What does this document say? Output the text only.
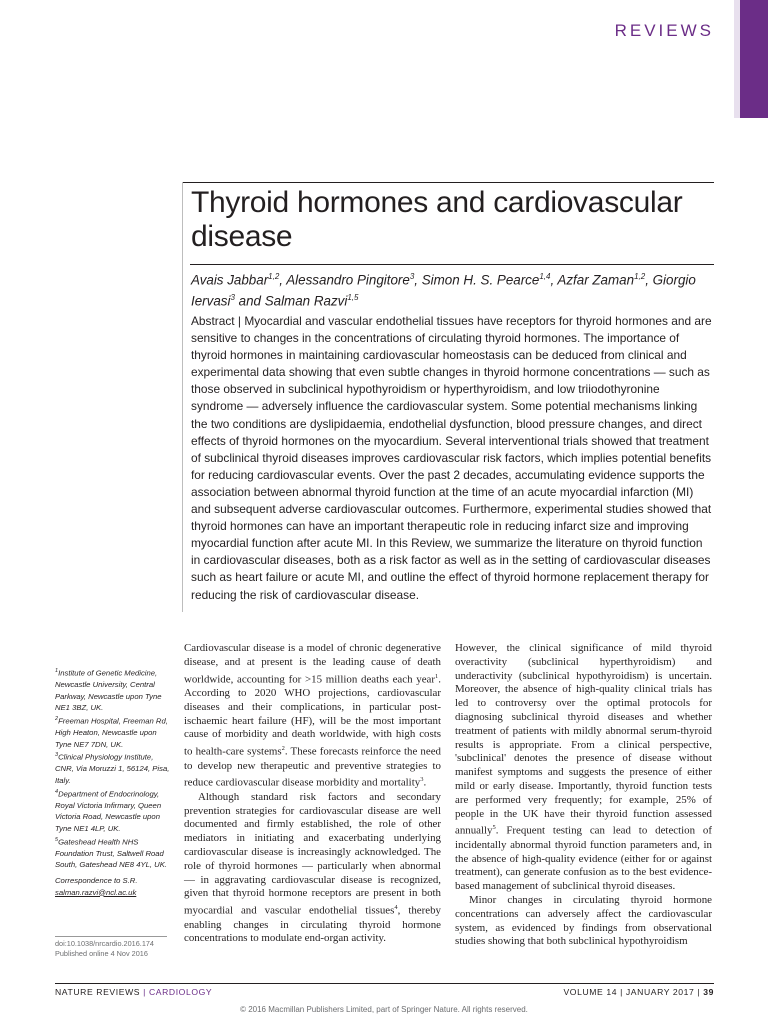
REVIEWS
Thyroid hormones and cardiovascular disease
Avais Jabbar$^{1,2}$, Alessandro Pingitore$^3$, Simon H. S. Pearce$^{1,4}$, Azfar Zaman$^{1,2}$, Giorgio Iervasi$^3$ and Salman Razvi$^{1,5}$
Abstract | Myocardial and vascular endothelial tissues have receptors for thyroid hormones and are sensitive to changes in the concentrations of circulating thyroid hormones. The importance of thyroid hormones in maintaining cardiovascular homeostasis can be deduced from clinical and experimental data showing that even subtle changes in thyroid hormone concentrations — such as those observed in subclinical hypothyroidism or hyperthyroidism, and low triiodothyronine syndrome — adversely influence the cardiovascular system. Some potential mechanisms linking the two conditions are dyslipidaemia, endothelial dysfunction, blood pressure changes, and direct effects of thyroid hormones on the myocardium. Several interventional trials showed that treatment of subclinical thyroid diseases improves cardiovascular risk factors, which implies potential benefits for reducing cardiovascular events. Over the past 2 decades, accumulating evidence supports the association between abnormal thyroid function at the time of an acute myocardial infarction (MI) and subsequent adverse cardiovascular outcomes. Furthermore, experimental studies showed that thyroid hormones can have an important therapeutic role in reducing infarct size and improving myocardial function after acute MI. In this Review, we summarize the literature on thyroid function in cardiovascular diseases, both as a risk factor as well as in the setting of cardiovascular diseases such as heart failure or acute MI, and outline the effect of thyroid hormone replacement therapy for reducing the risk of cardiovascular disease.
$^1$Institute of Genetic Medicine, Newcastle University, Central Parkway, Newcastle upon Tyne NE1 3BZ, UK.
$^2$Freeman Hospital, Freeman Rd, High Heaton, Newcastle upon Tyne NE7 7DN, UK.
$^3$Clinical Physiology Institute, CNR, Via Moruzzi 1, 56124, Pisa, Italy.
$^4$Department of Endocrinology, Royal Victoria Infirmary, Queen Victoria Road, Newcastle upon Tyne NE1 4LP, UK.
$^5$Gateshead Health NHS Foundation Trust, Saltwell Road South, Gateshead NE8 4YL, UK.
Correspondence to S.R.
salman.razvi@ncl.ac.uk
doi:10.1038/nrcardio.2016.174
Published online 4 Nov 2016

Cardiovascular disease is a model of chronic degenerative disease, and at present is the leading cause of death worldwide, accounting for >15 million deaths each year$^1$. According to 2020 WHO projections, cardiovascular diseases and their complications, in particular post-ischaemic heart failure (HF), will be the most important cause of morbidity and death worldwide, with high costs to health-care systems$^2$. These forecasts reinforce the need to develop new therapeutic and preventive strategies to reduce cardiovascular disease morbidity and mortality$^3$.

Although standard risk factors and secondary prevention strategies for cardiovascular disease are well documented and firmly established, the role of other mediators in initiating and exacerbating underlying cardiovascular disease is increasingly acknowledged. The role of thyroid hormones — particularly when abnormal — in aggravating cardiovascular disease is recognized, given that thyroid hormone receptors are present in both myocardial and vascular endothelial tissues$^4$, thereby enabling changes in circulating thyroid hormone concentrations to modulate end-organ activity.

However, the clinical significance of mild thyroid overactivity (subclinical hyperthyroidism) and underactivity (subclinical hypothyroidism) is uncertain. Moreover, the absence of high-quality clinical trials has led to controversy over the optimal protocols for diagnosing subclinical thyroid diseases and whether treatment of patients with mildly abnormal serum-thyroid results is appropriate. From a clinical perspective, 'subclinical' denotes the presence of disease without manifest symptoms and suggests the presence of either mild or early disease. Importantly, thyroid function tests are performed very frequently; for example, 25% of people in the UK have their thyroid function assessed annually$^5$. Frequent testing can lead to detection of incidentally abnormal thyroid function parameters and, in the absence of high-quality evidence (either for or against treatment), can generate confusion as to the best evidence-based management of subclinical thyroid diseases.

Minor changes in circulating thyroid hormone concentrations can adversely affect the cardiovascular system, as evidenced by findings from observational studies showing that both subclinical hypothyroidism

NATURE REVIEWS | CARDIOLOGY	VOLUME 14 | JANUARY 2017 | 39
© 2016 Macmillan Publishers Limited, part of Springer Nature. All rights reserved.
